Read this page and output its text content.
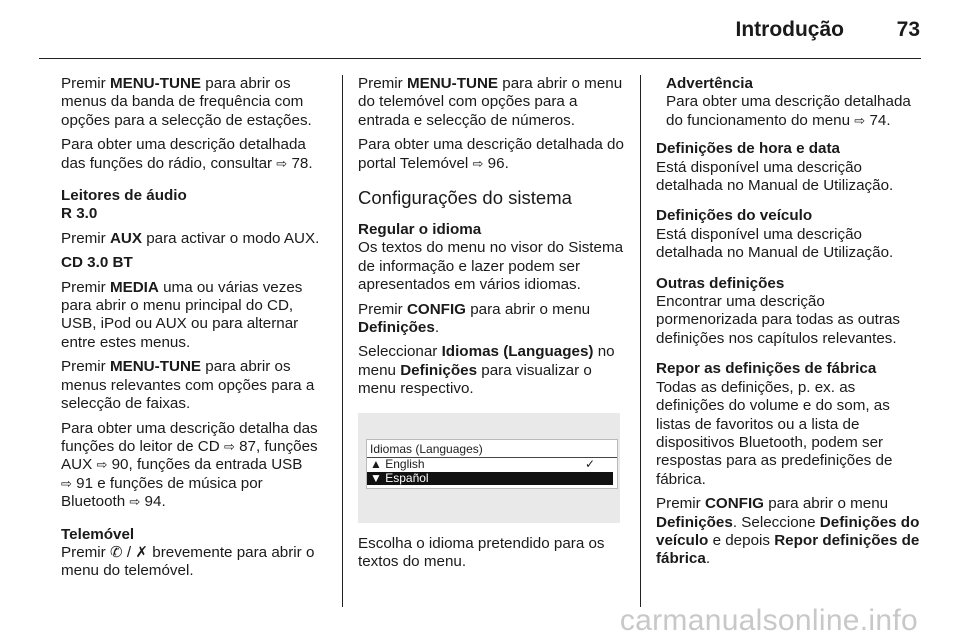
Introdução	73

Premir MENU-TUNE para abrir os menus da banda de frequência com opções para a selecção de estações.

Para obter uma descrição detalhada das funções do rádio, consultar ⇨ 78.

Leitores de áudio
R 3.0

Premir AUX para activar o modo AUX.

CD 3.0 BT

Premir MEDIA uma ou várias vezes para abrir o menu principal do CD, USB, iPod ou AUX ou para alternar entre estes menus.

Premir MENU-TUNE para abrir os menus relevantes com opções para a selecção de faixas.

Para obter uma descrição detalha das funções do leitor de CD ⇨ 87, funções AUX ⇨ 90, funções da entrada USB ⇨ 91 e funções de música por Bluetooth ⇨ 94.

Telemóvel

Premir ✆ / ✗ brevemente para abrir o menu do telemóvel.

Premir MENU-TUNE para abrir o menu do telemóvel com opções para a entrada e selecção de números.

Para obter uma descrição detalhada do portal Telemóvel ⇨ 96.

Configurações do sistema
Regular o idioma

Os textos do menu no visor do Sistema de informação e lazer podem ser apresentados em vários idiomas.

Premir CONFIG para abrir o menu Definições.

Seleccionar Idiomas (Languages) no menu Definições para visualizar o menu respectivo.

Idiomas (Languages)
▲ English	✓
▼ Español

Escolha o idioma pretendido para os textos do menu.

Advertência

Para obter uma descrição detalhada do funcionamento do menu ⇨ 74.

Definições de hora e data

Está disponível uma descrição detalhada no Manual de Utilização.

Definições do veículo

Está disponível uma descrição detalhada no Manual de Utilização.

Outras definições

Encontrar uma descrição pormenorizada para todas as outras definições nos capítulos relevantes.

Repor as definições de fábrica

Todas as definições, p. ex. as definições do volume e do som, as listas de favoritos ou a lista de dispositivos Bluetooth, podem ser respostas para as predefinições de fábrica.

Premir CONFIG para abrir o menu Definições. Seleccione Definições do veículo e depois Repor definições de fábrica.

carmanualsonline.info
